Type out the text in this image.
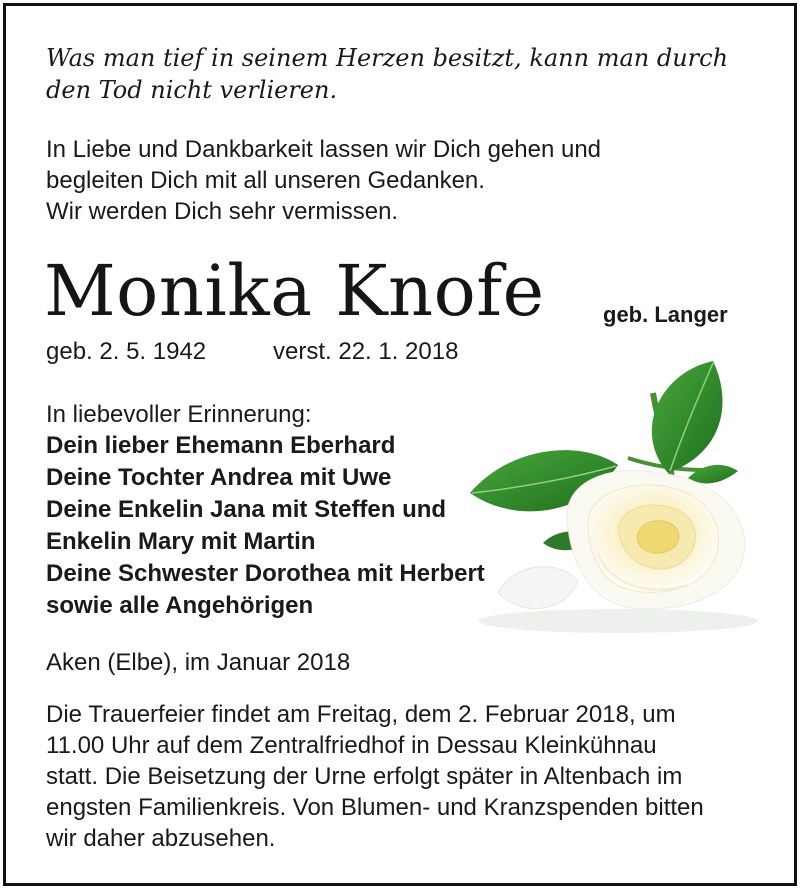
Was man tief in seinem Herzen besitzt, kann man durch
den Tod nicht verlieren.
In Liebe und Dankbarkeit lassen wir Dich gehen und
begleiten Dich mit all unseren Gedanken.
Wir werden Dich sehr vermissen.
Monika Knofe	geb. Langer
geb. 2. 5. 1942	verst. 22. 1. 2018
In liebevoller Erinnerung:
Dein lieber Ehemann Eberhard
Deine Tochter Andrea mit Uwe
Deine Enkelin Jana mit Steffen und
Enkelin Mary mit Martin
Deine Schwester Dorothea mit Herbert
sowie alle Angehörigen
Aken (Elbe), im Januar 2018
Die Trauerfeier findet am Freitag, dem 2. Februar 2018, um
11.00 Uhr auf dem Zentralfriedhof in Dessau Kleinkühnau
statt. Die Beisetzung der Urne erfolgt später in Altenbach im
engsten Familienkreis. Von Blumen- und Kranzspenden bitten
wir daher abzusehen.
